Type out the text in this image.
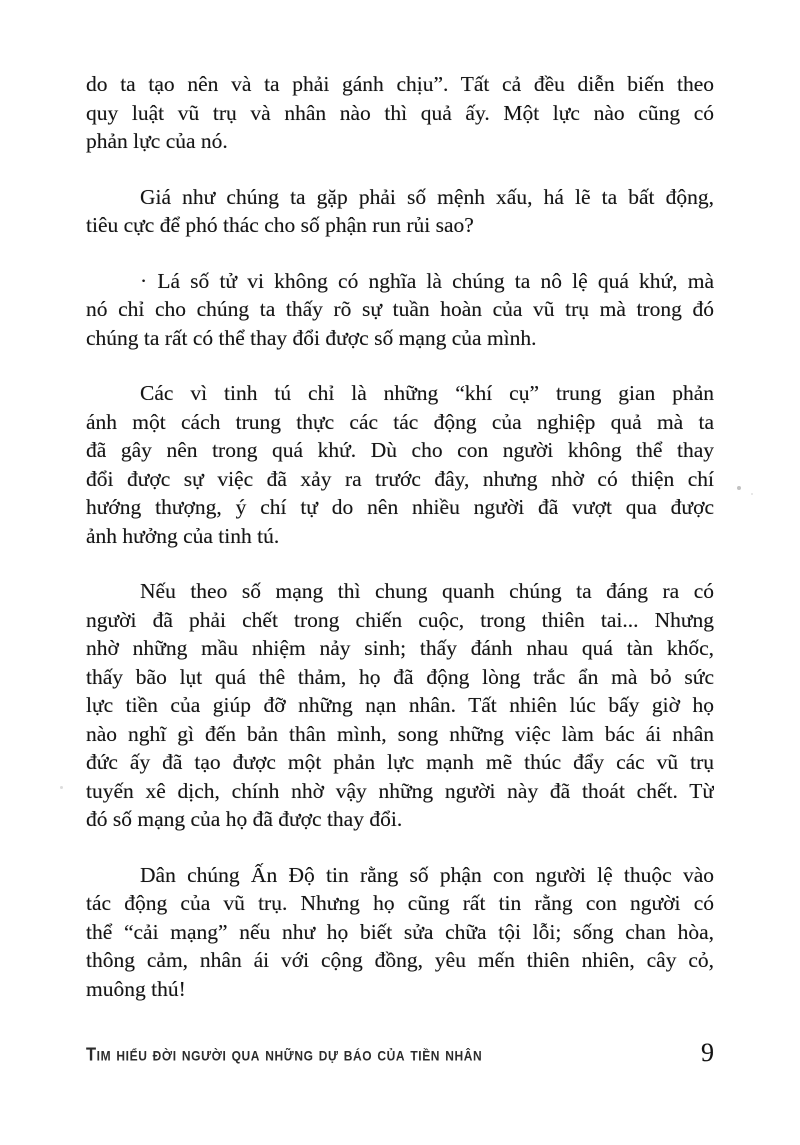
do ta tạo nên và ta phải gánh chịu”. Tất cả đều diễn biến theo
quy luật vũ trụ và nhân nào thì quả ấy. Một lực nào cũng có
phản lực của nó.
Giá như chúng ta gặp phải số mệnh xấu, há lẽ ta bất động,
tiêu cực để phó thác cho số phận run rủi sao?
· Lá số tử vi không có nghĩa là chúng ta nô lệ quá khứ, mà
nó chỉ cho chúng ta thấy rõ sự tuần hoàn của vũ trụ mà trong đó
chúng ta rất có thể thay đổi được số mạng của mình.
Các vì tinh tú chỉ là những “khí cụ” trung gian phản
ánh một cách trung thực các tác động của nghiệp quả mà ta
đã gây nên trong quá khứ. Dù cho con người không thể thay
đổi được sự việc đã xảy ra trước đây, nhưng nhờ có thiện chí
hướng thượng, ý chí tự do nên nhiều người đã vượt qua được
ảnh hưởng của tinh tú.
Nếu theo số mạng thì chung quanh chúng ta đáng ra có
người đã phải chết trong chiến cuộc, trong thiên tai... Nhưng
nhờ những mầu nhiệm nảy sinh; thấy đánh nhau quá tàn khốc,
thấy bão lụt quá thê thảm, họ đã động lòng trắc ẩn mà bỏ sức
lực tiền của giúp đỡ những nạn nhân. Tất nhiên lúc bấy giờ họ
nào nghĩ gì đến bản thân mình, song những việc làm bác ái nhân
đức ấy đã tạo được một phản lực mạnh mẽ thúc đẩy các vũ trụ
tuyến xê dịch, chính nhờ vậy những người này đã thoát chết. Từ
đó số mạng của họ đã được thay đổi.
Dân chúng Ấn Độ tin rằng số phận con người lệ thuộc vào
tác động của vũ trụ. Nhưng họ cũng rất tin rằng con người có
thể “cải mạng” nếu như họ biết sửa chữa tội lỗi; sống chan hòa,
thông cảm, nhân ái với cộng đồng, yêu mến thiên nhiên, cây cỏ,
muông thú!
Tim hiểu đời người qua những dự báo của tiền nhân	9
